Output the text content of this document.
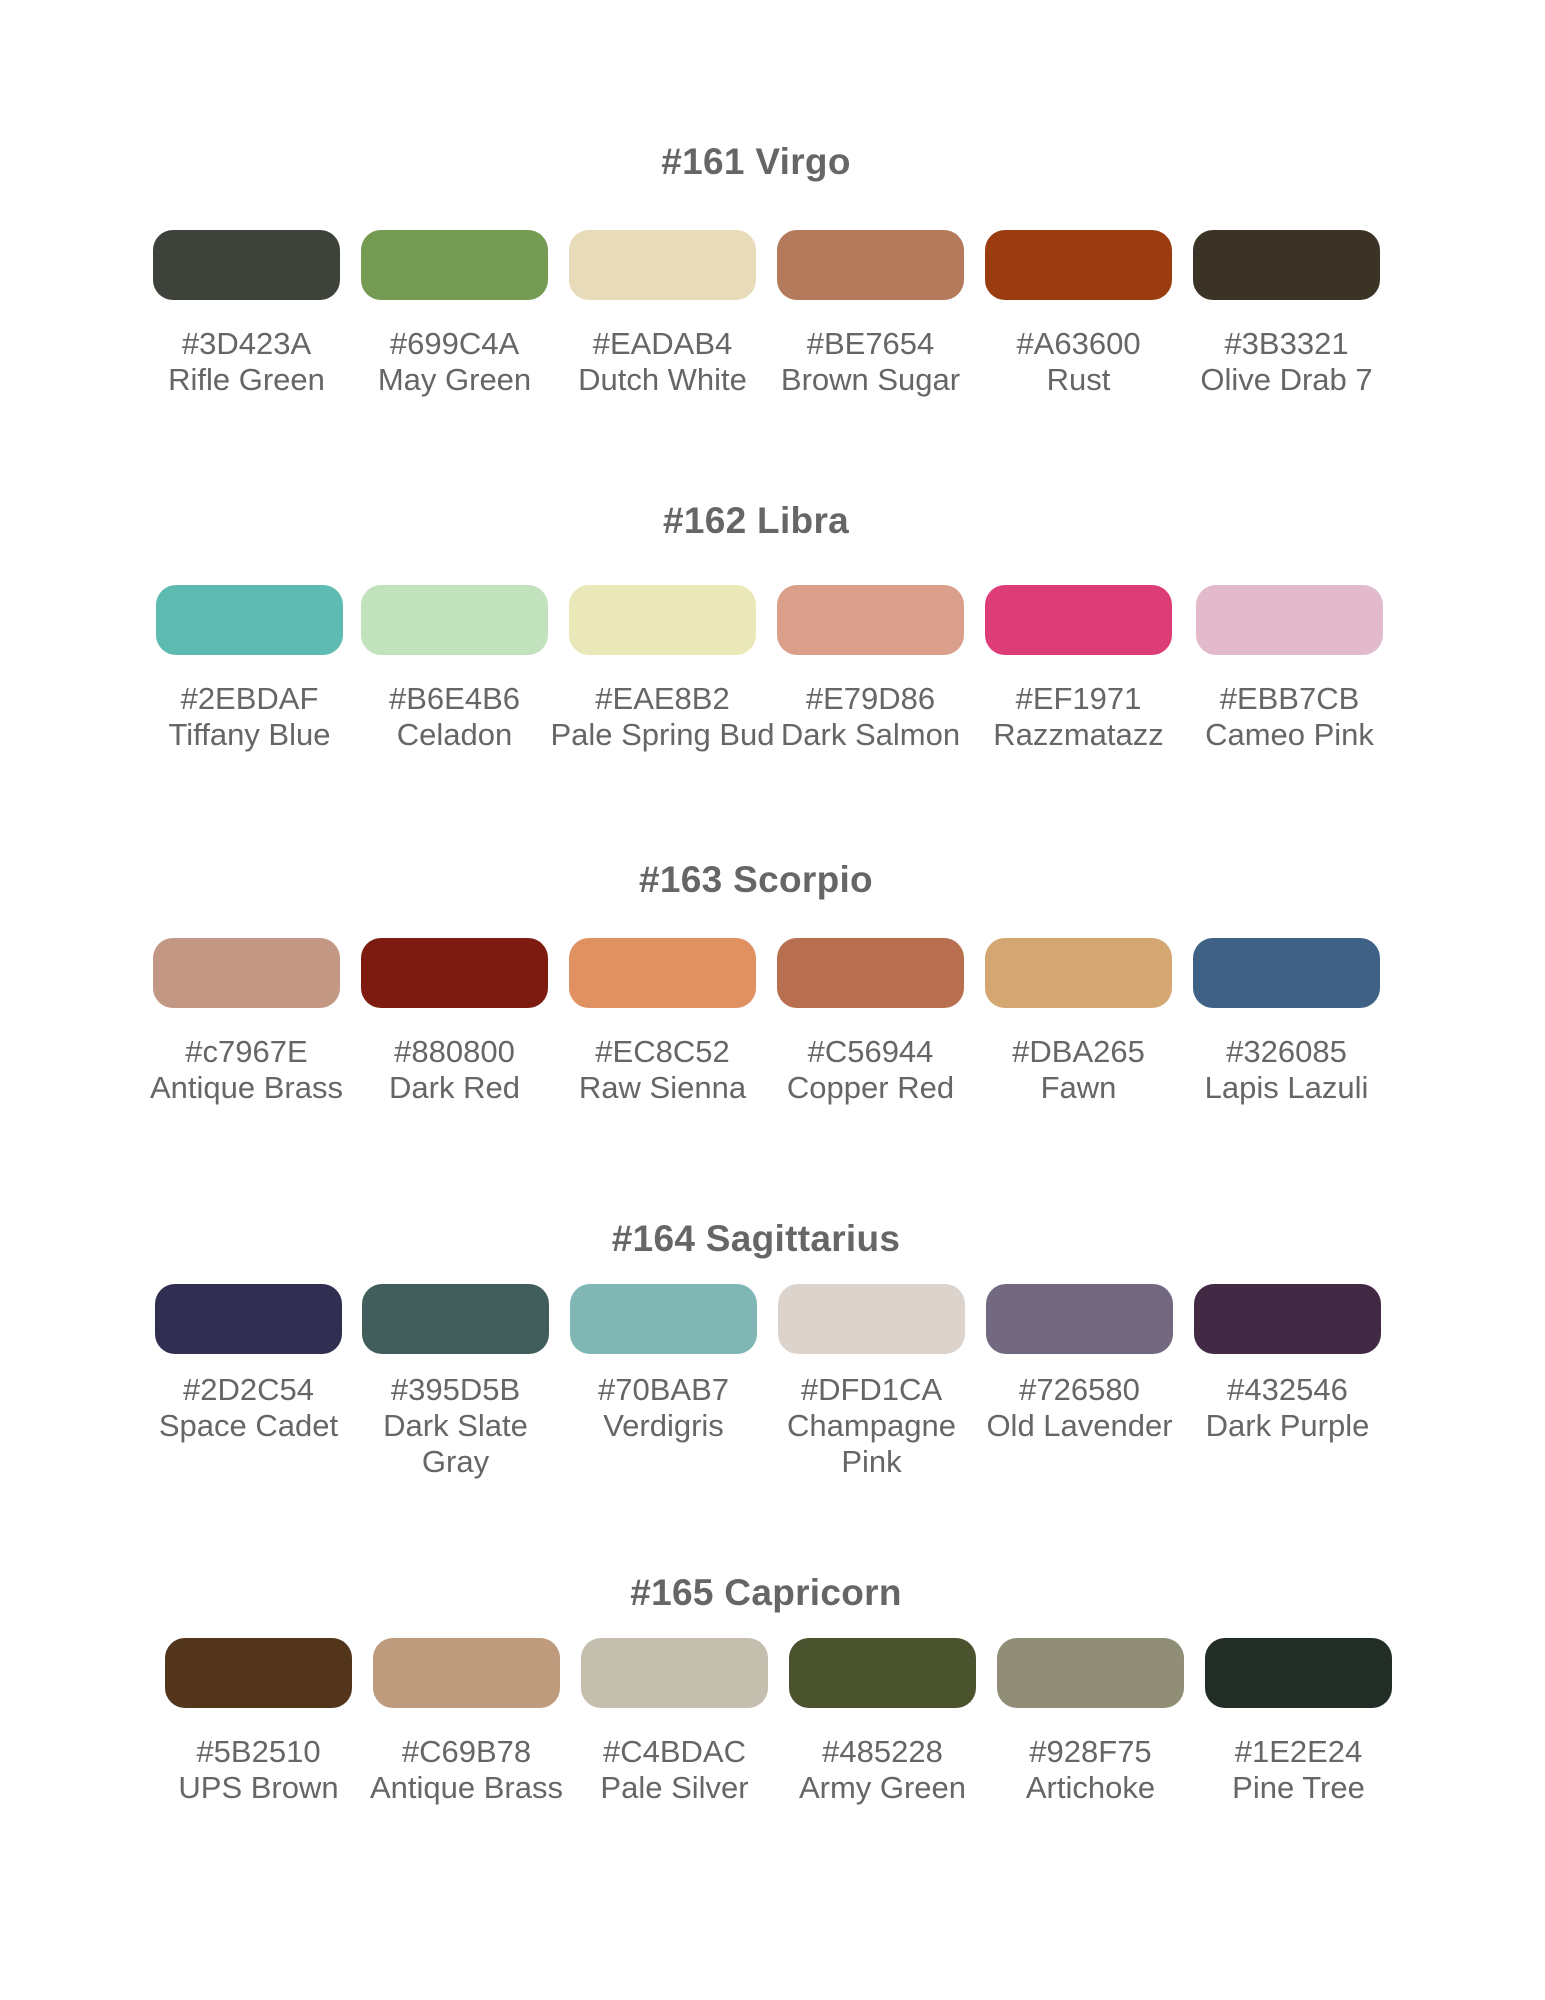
#161 Virgo
#3D423A
Rifle Green
#699C4A
May Green
#EADAB4
Dutch White
#BE7654
Brown Sugar
#A63600
Rust
#3B3321
Olive Drab 7
#162 Libra
#2EBDAF
Tiffany Blue
#B6E4B6
Celadon
#EAE8B2
Pale Spring Bud
#E79D86
Dark Salmon
#EF1971
Razzmatazz
#EBB7CB
Cameo Pink
#163 Scorpio
#c7967E
Antique Brass
#880800
Dark Red
#EC8C52
Raw Sienna
#C56944
Copper Red
#DBA265
Fawn
#326085
Lapis Lazuli
#164 Sagittarius
#2D2C54
Space Cadet
#395D5B
Dark Slate Gray
#70BAB7
Verdigris
#DFD1CA
Champagne Pink
#726580
Old Lavender
#432546
Dark Purple
#165 Capricorn
#5B2510
UPS Brown
#C69B78
Antique Brass
#C4BDAC
Pale Silver
#485228
Army Green
#928F75
Artichoke
#1E2E24
Pine Tree
